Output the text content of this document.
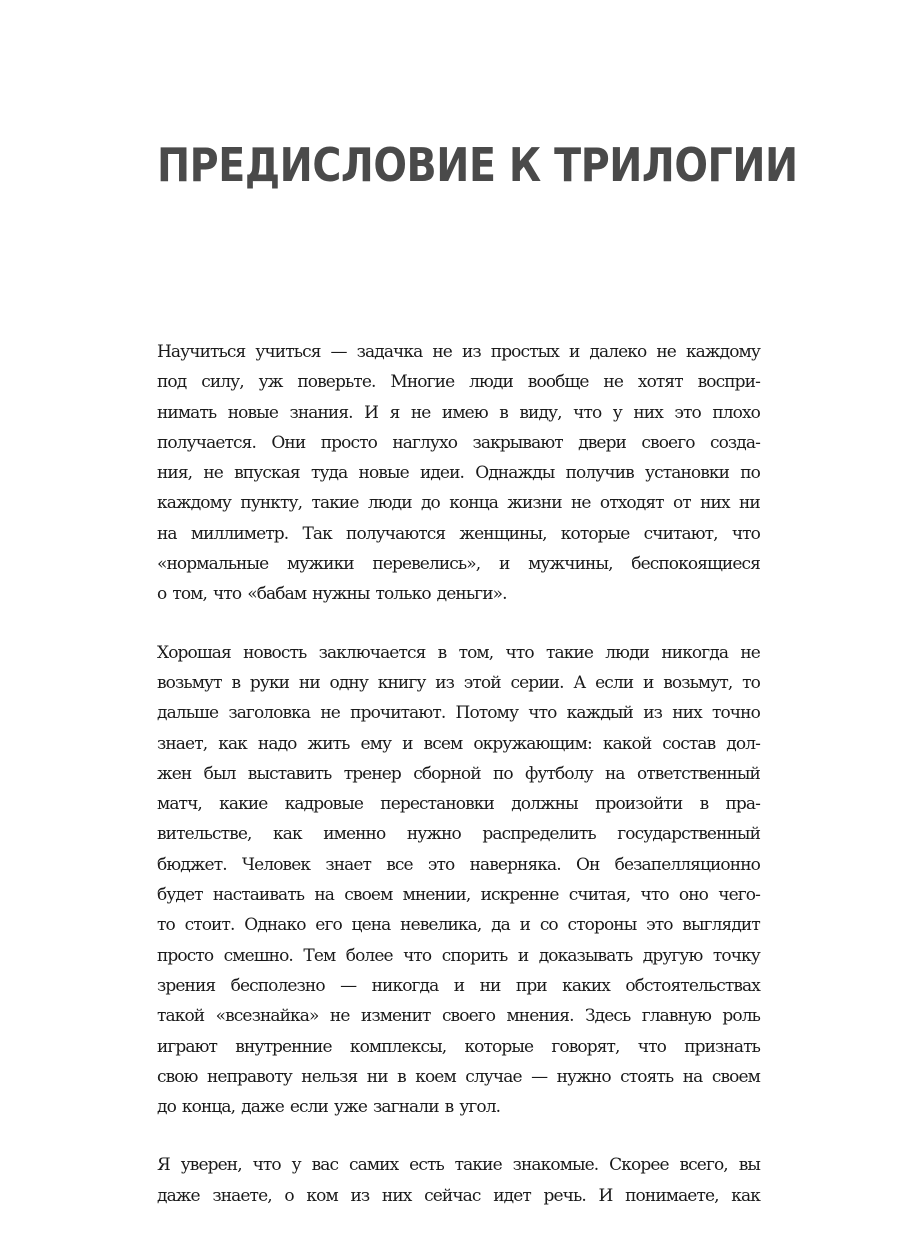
ПРЕДИСЛОВИЕ К ТРИЛОГИИ
Научиться учиться — задачка не из простых и далеко не каждому
под силу, уж поверьте. Многие люди вообще не хотят воспри-
нимать новые знания. И я не имею в виду, что у них это плохо
получается. Они просто наглухо закрывают двери своего созда-
ния, не впуская туда новые идеи. Однажды получив установки по
каждому пункту, такие люди до конца жизни не отходят от них ни
на миллиметр. Так получаются женщины, которые считают, что
«нормальные мужики перевелись», и мужчины, беспокоящиеся
о том, что «бабам нужны только деньги».
Хорошая новость заключается в том, что такие люди никогда не
возьмут в руки ни одну книгу из этой серии. А если и возьмут, то
дальше заголовка не прочитают. Потому что каждый из них точно
знает, как надо жить ему и всем окружающим: какой состав дол-
жен был выставить тренер сборной по футболу на ответственный
матч, какие кадровые перестановки должны произойти в пра-
вительстве, как именно нужно распределить государственный
бюджет. Человек знает все это наверняка. Он безапелляционно
будет настаивать на своем мнении, искренне считая, что оно чего-
то стоит. Однако его цена невелика, да и со стороны это выглядит
просто смешно. Тем более что спорить и доказывать другую точку
зрения бесполезно — никогда и ни при каких обстоятельствах
такой «всезнайка» не изменит своего мнения. Здесь главную роль
играют внутренние комплексы, которые говорят, что признать
свою неправоту нельзя ни в коем случае — нужно стоять на своем
до конца, даже если уже загнали в угол.
Я уверен, что у вас самих есть такие знакомые. Скорее всего, вы
даже знаете, о ком из них сейчас идет речь. И понимаете, как
